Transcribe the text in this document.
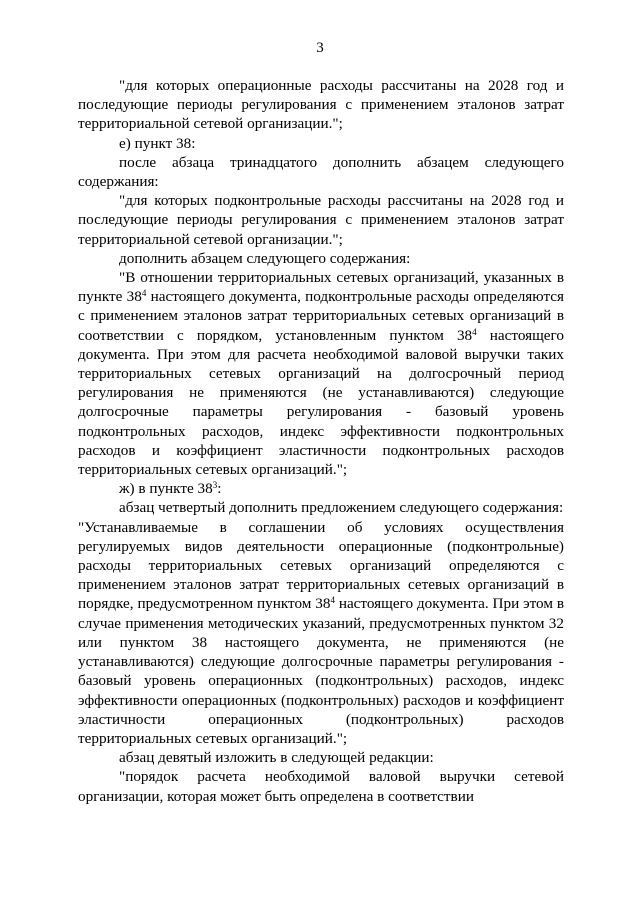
3

"для которых операционные расходы рассчитаны на 2028 год и последующие периоды регулирования с применением эталонов затрат территориальной сетевой организации.";

е) пункт 38:

после абзаца тринадцатого дополнить абзацем следующего содержания:

"для которых подконтрольные расходы рассчитаны на 2028 год и последующие периоды регулирования с применением эталонов затрат территориальной сетевой организации.";

дополнить абзацем следующего содержания:

"В отношении территориальных сетевых организаций, указанных в пункте $38^4$ настоящего документа, подконтрольные расходы определяются с применением эталонов затрат территориальных сетевых организаций в соответствии с порядком, установленным пунктом $38^4$ настоящего документа. При этом для расчета необходимой валовой выручки таких территориальных сетевых организаций на долгосрочный период регулирования не применяются (не устанавливаются) следующие долгосрочные параметры регулирования - базовый уровень подконтрольных расходов, индекс эффективности подконтрольных расходов и коэффициент эластичности подконтрольных расходов территориальных сетевых организаций.";

ж) в пункте $38^3$:

абзац четвертый дополнить предложением следующего содержания:

"Устанавливаемые в соглашении об условиях осуществления регулируемых видов деятельности операционные (подконтрольные) расходы территориальных сетевых организаций определяются с применением эталонов затрат территориальных сетевых организаций в порядке, предусмотренном пунктом $38^4$ настоящего документа. При этом в случае применения методических указаний, предусмотренных пунктом 32 или пунктом 38 настоящего документа, не применяются (не устанавливаются) следующие долгосрочные параметры регулирования - базовый уровень операционных (подконтрольных) расходов, индекс эффективности операционных (подконтрольных) расходов и коэффициент эластичности операционных (подконтрольных) расходов территориальных сетевых организаций.";

абзац девятый изложить в следующей редакции:

"порядок расчета необходимой валовой выручки сетевой организации, которая может быть определена в соответствии
